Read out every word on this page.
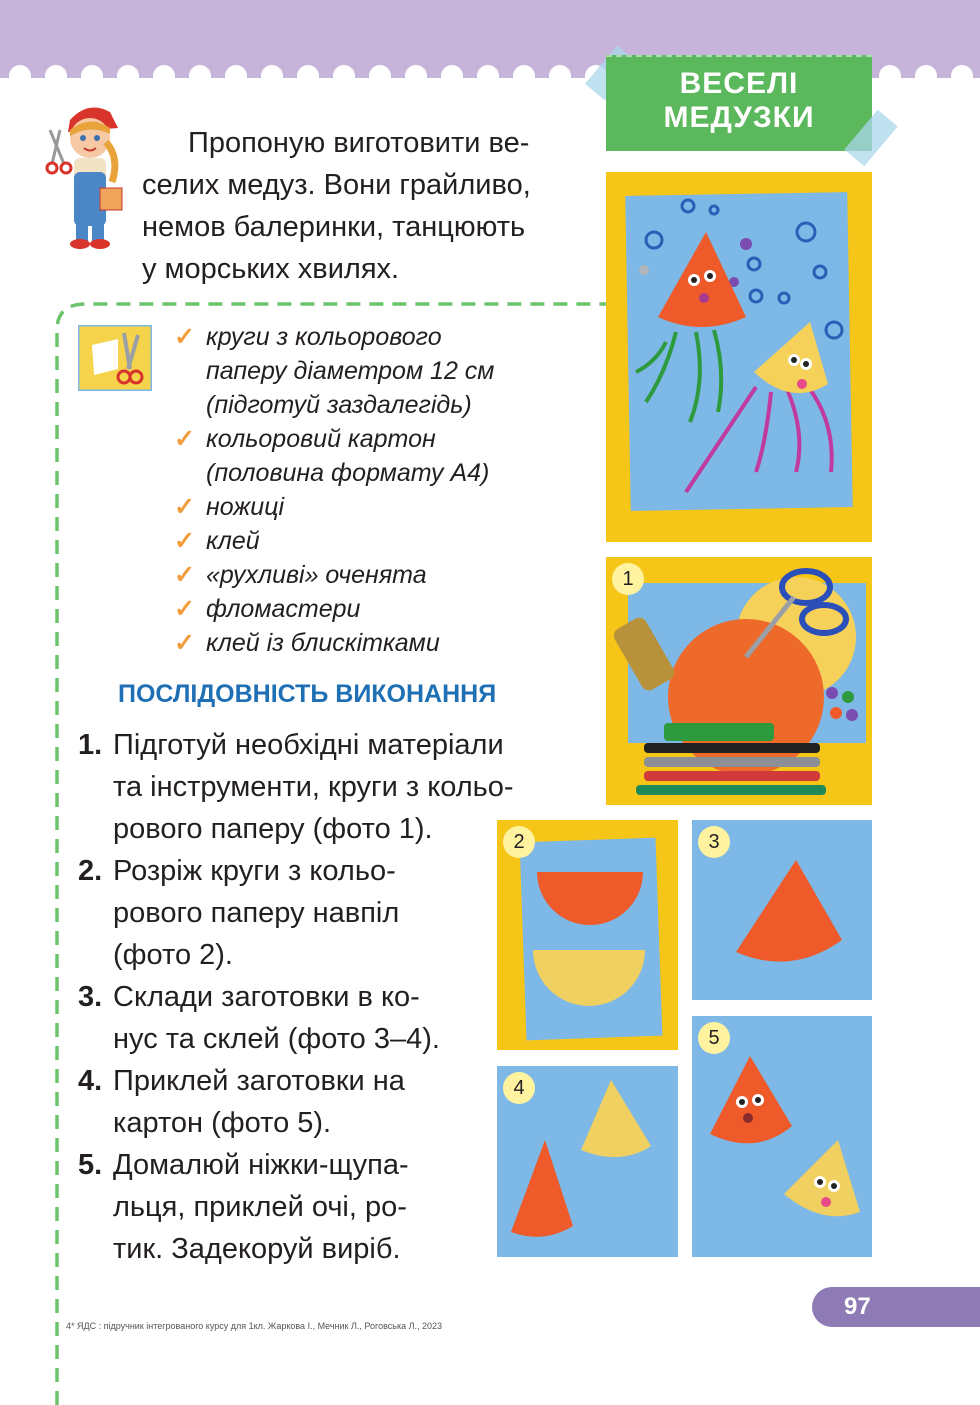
ВЕСЕЛІ
МЕДУЗКИ
Пропоную виготовити ве-
селих медуз. Вони грайливо,
немов балеринки, танцюють
у морських хвилях.
✓ круги з кольорового
паперу діаметром 12 см
(підготуй заздалегідь)
✓ кольоровий картон
(половина формату А4)
✓ ножиці
✓ клей
✓ «рухливі» оченята
✓ фломастери
✓ клей із блискітками
ПОСЛІДОВНІСТЬ ВИКОНАННЯ
1. Підготуй необхідні матеріали
та інструменти, круги з кольо-
рового паперу (фото 1).
2. Розріж круги з кольо-
рового паперу навпіл
(фото 2).
3. Склади заготовки в ко-
нус та склей (фото 3–4).
4. Приклей заготовки на
картон (фото 5).
5. Домалюй ніжки-щупа-
льця, приклей очі, ро-
тик. Задекоруй виріб.
1
2	3
4
5
97
4* ЯДС : підручник інтегрованого курсу для 1кл. Жаркова І., Мечник Л., Роговська Л., 2023
